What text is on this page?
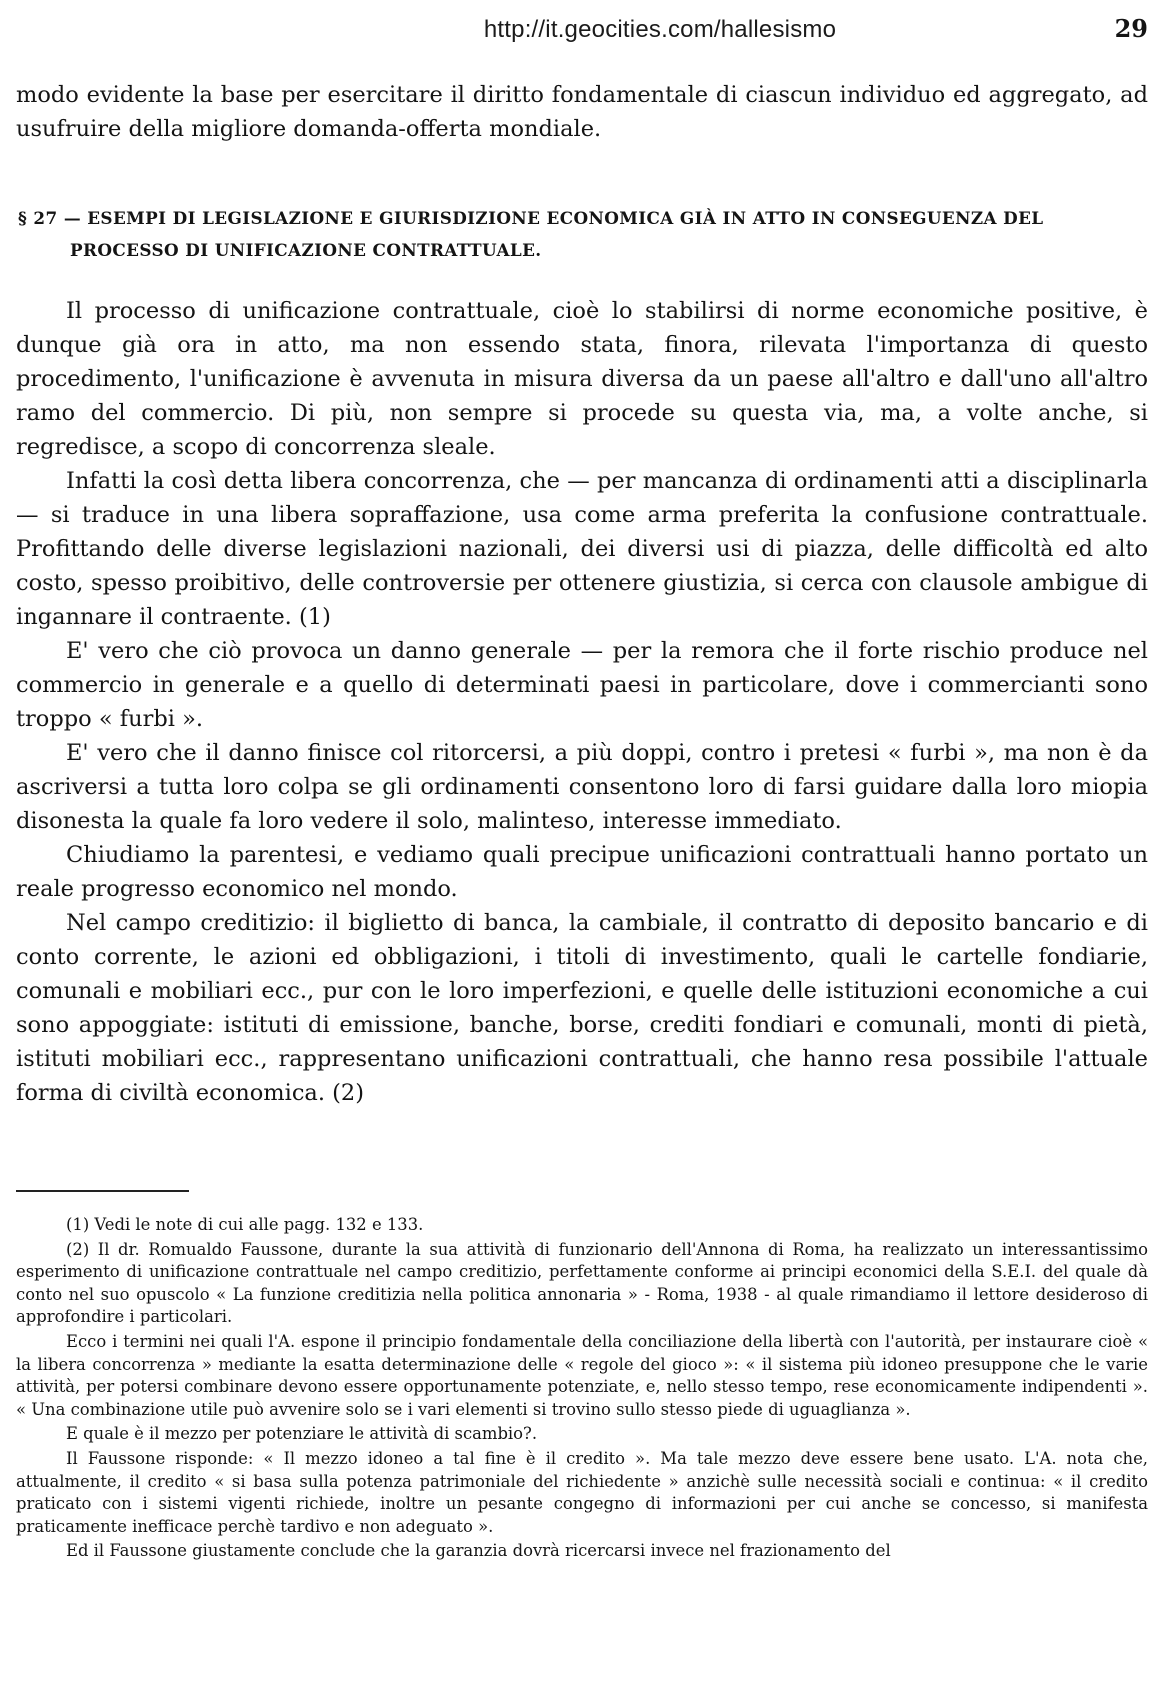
http://it.geocities.com/hallesismo	29

modo evidente la base per esercitare il diritto fondamentale di ciascun individuo ed aggregato, ad usufruire della migliore domanda-offerta mondiale.

§ 27 — ESEMPI DI LEGISLAZIONE E GIURISDIZIONE ECONOMICA GIÀ IN ATTO IN CONSEGUENZA DEL
PROCESSO DI UNIFICAZIONE CONTRATTUALE.

Il processo di unificazione contrattuale, cioè lo stabilirsi di norme economiche positive, è dunque già ora in atto, ma non essendo stata, finora, rilevata l'importanza di questo procedimento, l'unificazione è avvenuta in misura diversa da un paese all'altro e dall'uno all'altro ramo del commercio. Di più, non sempre si procede su questa via, ma, a volte anche, si regredisce, a scopo di concorrenza sleale.

Infatti la così detta libera concorrenza, che — per mancanza di ordinamenti atti a disciplinarla — si traduce in una libera sopraffazione, usa come arma preferita la confusione contrattuale. Profittando delle diverse legislazioni nazionali, dei diversi usi di piazza, delle difficoltà ed alto costo, spesso proibitivo, delle controversie per ottenere giustizia, si cerca con clausole ambigue di ingannare il contraente. (1)

E' vero che ciò provoca un danno generale — per la remora che il forte rischio produce nel commercio in generale e a quello di determinati paesi in particolare, dove i commercianti sono troppo « furbi ».

E' vero che il danno finisce col ritorcersi, a più doppi, contro i pretesi « furbi », ma non è da ascriversi a tutta loro colpa se gli ordinamenti consentono loro di farsi guidare dalla loro miopia disonesta la quale fa loro vedere il solo, malinteso, interesse immediato.

Chiudiamo la parentesi, e vediamo quali precipue unificazioni contrattuali hanno portato un reale progresso economico nel mondo.

Nel campo creditizio: il biglietto di banca, la cambiale, il contratto di deposito bancario e di conto corrente, le azioni ed obbligazioni, i titoli di investimento, quali le cartelle fondiarie, comunali e mobiliari ecc., pur con le loro imperfezioni, e quelle delle istituzioni economiche a cui sono appoggiate: istituti di emissione, banche, borse, crediti fondiari e comunali, monti di pietà, istituti mobiliari ecc., rappresentano unificazioni contrattuali, che hanno resa possibile l'attuale forma di civiltà economica. (2)

(1) Vedi le note di cui alle pagg. 132 e 133.

(2) Il dr. Romualdo Faussone, durante la sua attività di funzionario dell'Annona di Roma, ha realizzato un interessantissimo esperimento di unificazione contrattuale nel campo creditizio, perfettamente conforme ai principi economici della S.E.I. del quale dà conto nel suo opuscolo « La funzione creditizia nella politica annonaria » - Roma, 1938 - al quale rimandiamo il lettore desideroso di approfondire i particolari.

Ecco i termini nei quali l'A. espone il principio fondamentale della conciliazione della libertà con l'autorità, per instaurare cioè « la libera concorrenza » mediante la esatta determinazione delle « regole del gioco »: « il sistema più idoneo presuppone che le varie attività, per potersi combinare devono essere opportunamente potenziate, e, nello stesso tempo, rese economicamente indipendenti ». « Una combinazione utile può avvenire solo se i vari elementi si trovino sullo stesso piede di uguaglianza ».

E quale è il mezzo per potenziare le attività di scambio?.

Il Faussone risponde: « Il mezzo idoneo a tal fine è il credito ». Ma tale mezzo deve essere bene usato. L'A. nota che, attualmente, il credito « si basa sulla potenza patrimoniale del richiedente » anzichè sulle necessità sociali e continua: « il credito praticato con i sistemi vigenti richiede, inoltre un pesante congegno di informazioni per cui anche se concesso, si manifesta praticamente inefficace perchè tardivo e non adeguato ».

Ed il Faussone giustamente conclude che la garanzia dovrà ricercarsi invece nel frazionamento del
